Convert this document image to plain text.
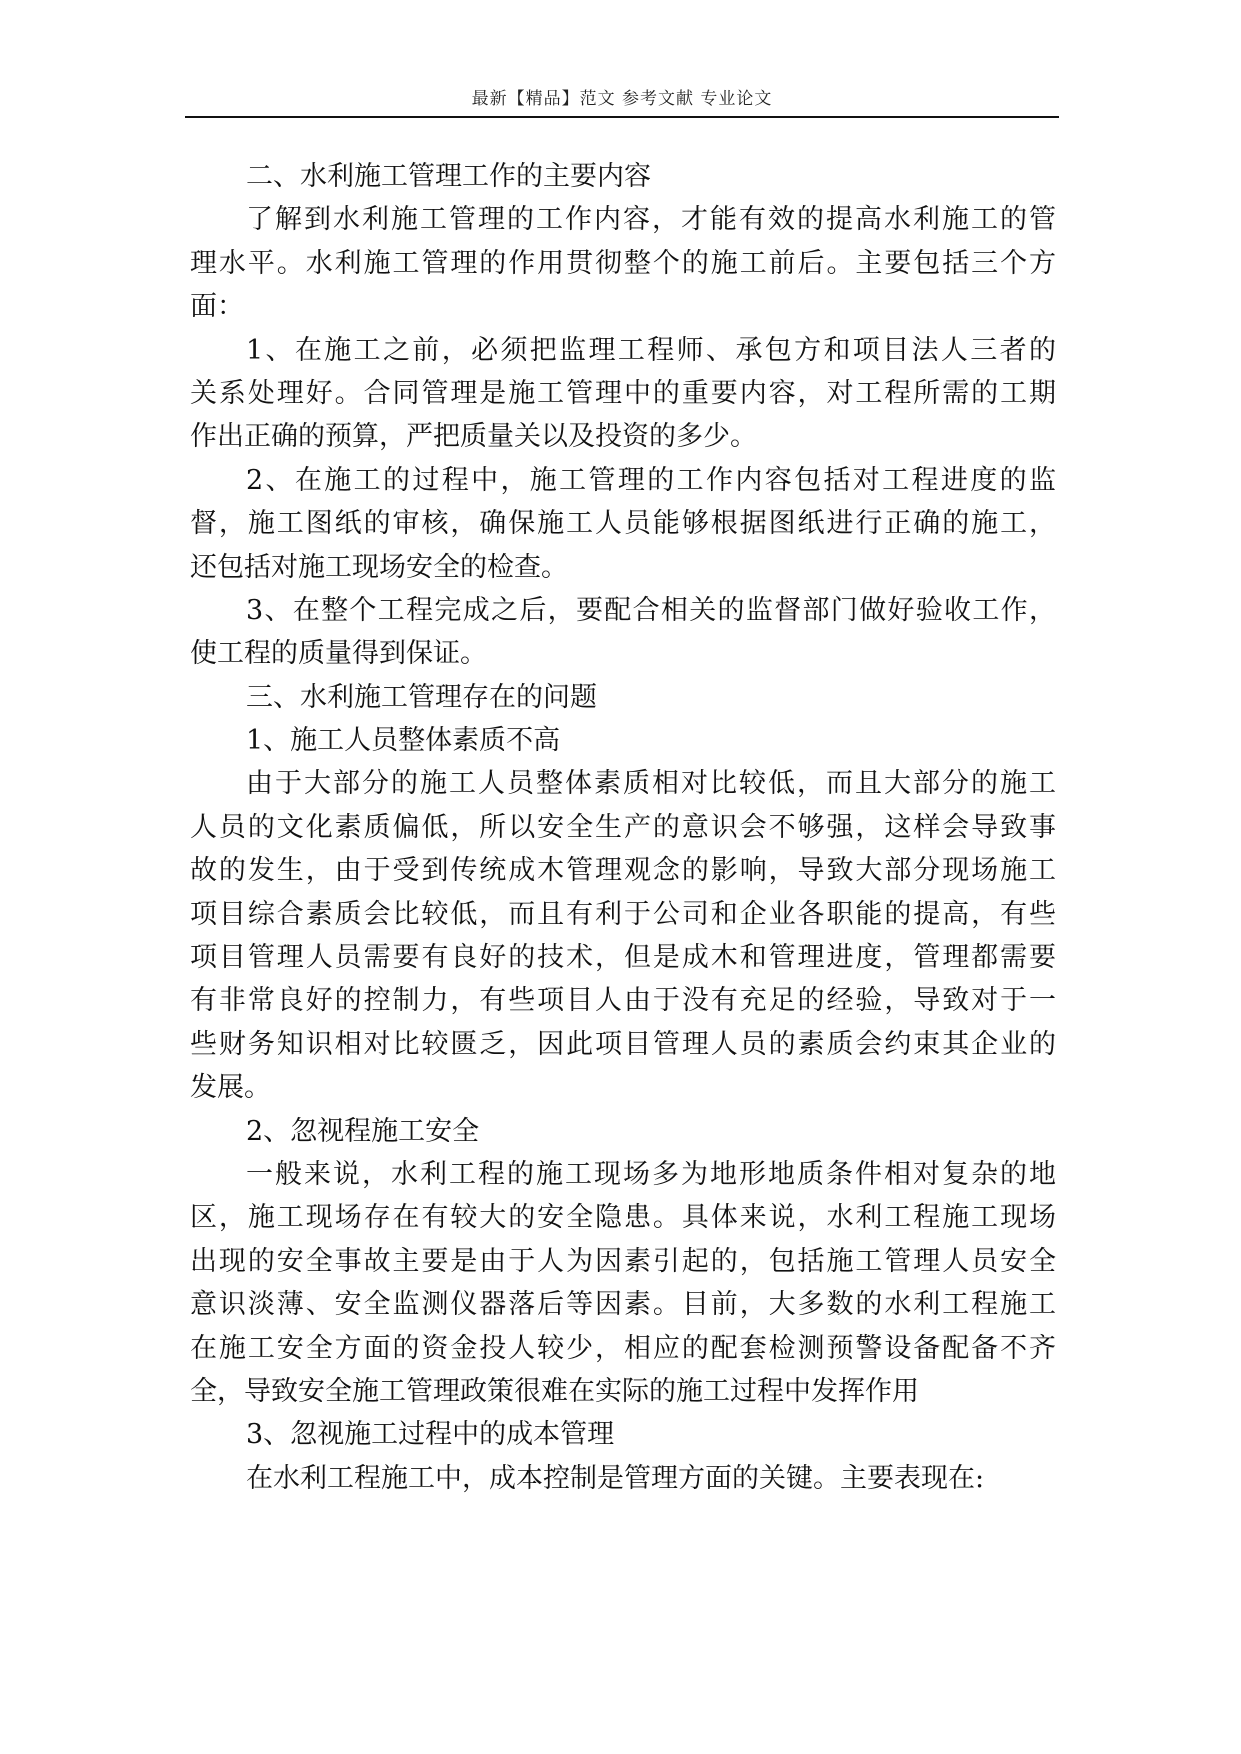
最新【精品】范文 参考文献 专业论文
二、水利施工管理工作的主要内容
了解到水利施工管理的工作内容，才能有效的提高水利施工的管
理水平。水利施工管理的作用贯彻整个的施工前后。主要包括三个方
面：
1、在施工之前，必须把监理工程师、承包方和项目法人三者的
关系处理好。合同管理是施工管理中的重要内容，对工程所需的工期
作出正确的预算，严把质量关以及投资的多少。
2、在施工的过程中，施工管理的工作内容包括对工程进度的监
督，施工图纸的审核，确保施工人员能够根据图纸进行正确的施工，
还包括对施工现场安全的检查。
3、在整个工程完成之后，要配合相关的监督部门做好验收工作，
使工程的质量得到保证。
三、水利施工管理存在的问题
1、施工人员整体素质不高
由于大部分的施工人员整体素质相对比较低，而且大部分的施工
人员的文化素质偏低，所以安全生产的意识会不够强，这样会导致事
故的发生，由于受到传统成木管理观念的影响，导致大部分现场施工
项目综合素质会比较低，而且有利于公司和企业各职能的提高，有些
项目管理人员需要有良好的技术，但是成木和管理进度，管理都需要
有非常良好的控制力，有些项目人由于没有充足的经验，导致对于一
些财务知识相对比较匮乏，因此项目管理人员的素质会约束其企业的
发展。
2、忽视程施工安全
一般来说，水利工程的施工现场多为地形地质条件相对复杂的地
区，施工现场存在有较大的安全隐患。具体来说，水利工程施工现场
出现的安全事故主要是由于人为因素引起的，包括施工管理人员安全
意识淡薄、安全监测仪器落后等因素。目前，大多数的水利工程施工
在施工安全方面的资金投人较少，相应的配套检测预警设备配备不齐
全，导致安全施工管理政策很难在实际的施工过程中发挥作用
3、忽视施工过程中的成本管理
在水利工程施工中，成本控制是管理方面的关键。主要表现在:
